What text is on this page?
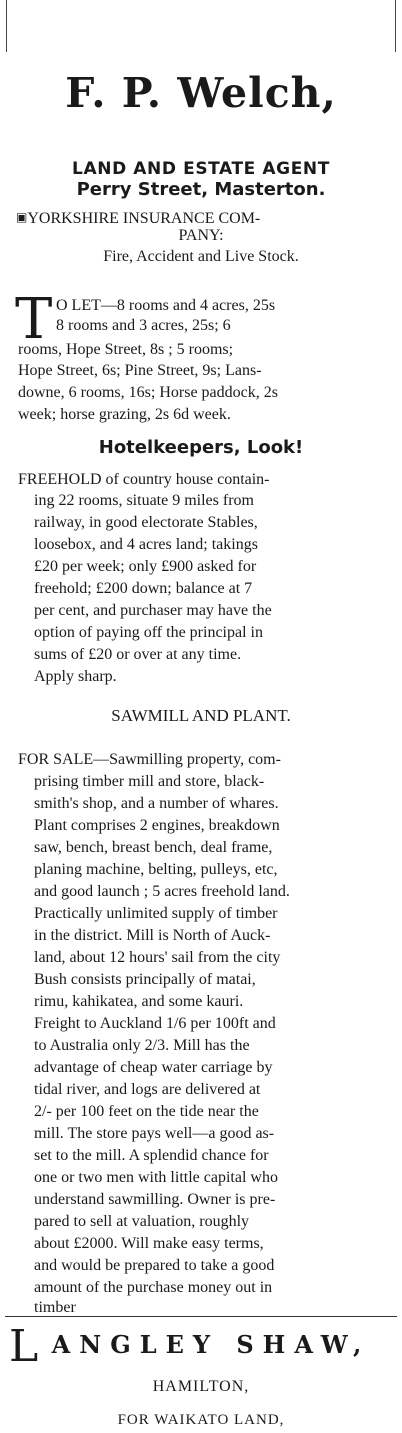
F. P. Welch,
LAND AND ESTATE AGENT
Perry Street, Masterton.
▣YORKSHIRE INSURANCE COM-
PANY:
Fire, Accident and Live Stock.
T O LET—8 rooms and 4 acres, 25s
8 rooms and 3 acres, 25s; 6
rooms, Hope Street, 8s ; 5 rooms;
Hope Street, 6s; Pine Street, 9s; Lans-
downe, 6 rooms, 16s; Horse paddock, 2s
week; horse grazing, 2s 6d week.
Hotelkeepers, Look!
FREEHOLD of country house contain-
ing 22 rooms, situate 9 miles from
railway, in good electorate Stables,
loosebox, and 4 acres land; takings
£20 per week; only £900 asked for
freehold; £200 down; balance at 7
per cent, and purchaser may have the
option of paying off the principal in
sums of £20 or over at any time.
Apply sharp.
SAWMILL AND PLANT.
FOR SALE—Sawmilling property, com-
prising timber mill and store, black-
smith's shop, and a number of whares.
Plant comprises 2 engines, breakdown
saw, bench, breast bench, deal frame,
planing machine, belting, pulleys, etc,
and good launch ; 5 acres freehold land.
Practically unlimited supply of timber
in the district. Mill is North of Auck-
land, about 12 hours' sail from the city
Bush consists principally of matai,
rimu, kahikatea, and some kauri.
Freight to Auckland 1/6 per 100ft and
to Australia only 2/3. Mill has the
advantage of cheap water carriage by
tidal river, and logs are delivered at
2/- per 100 feet on the tide near the
mill. The store pays well—a good as-
set to the mill. A splendid chance for
one or two men with little capital who
understand sawmilling. Owner is pre-
pared to sell at valuation, roughly
about £2000. Will make easy terms,
and would be prepared to take a good
amount of the purchase money out in
timber
L ANGLEY SHAW,
HAMILTON,
FOR WAIKATO LAND,
